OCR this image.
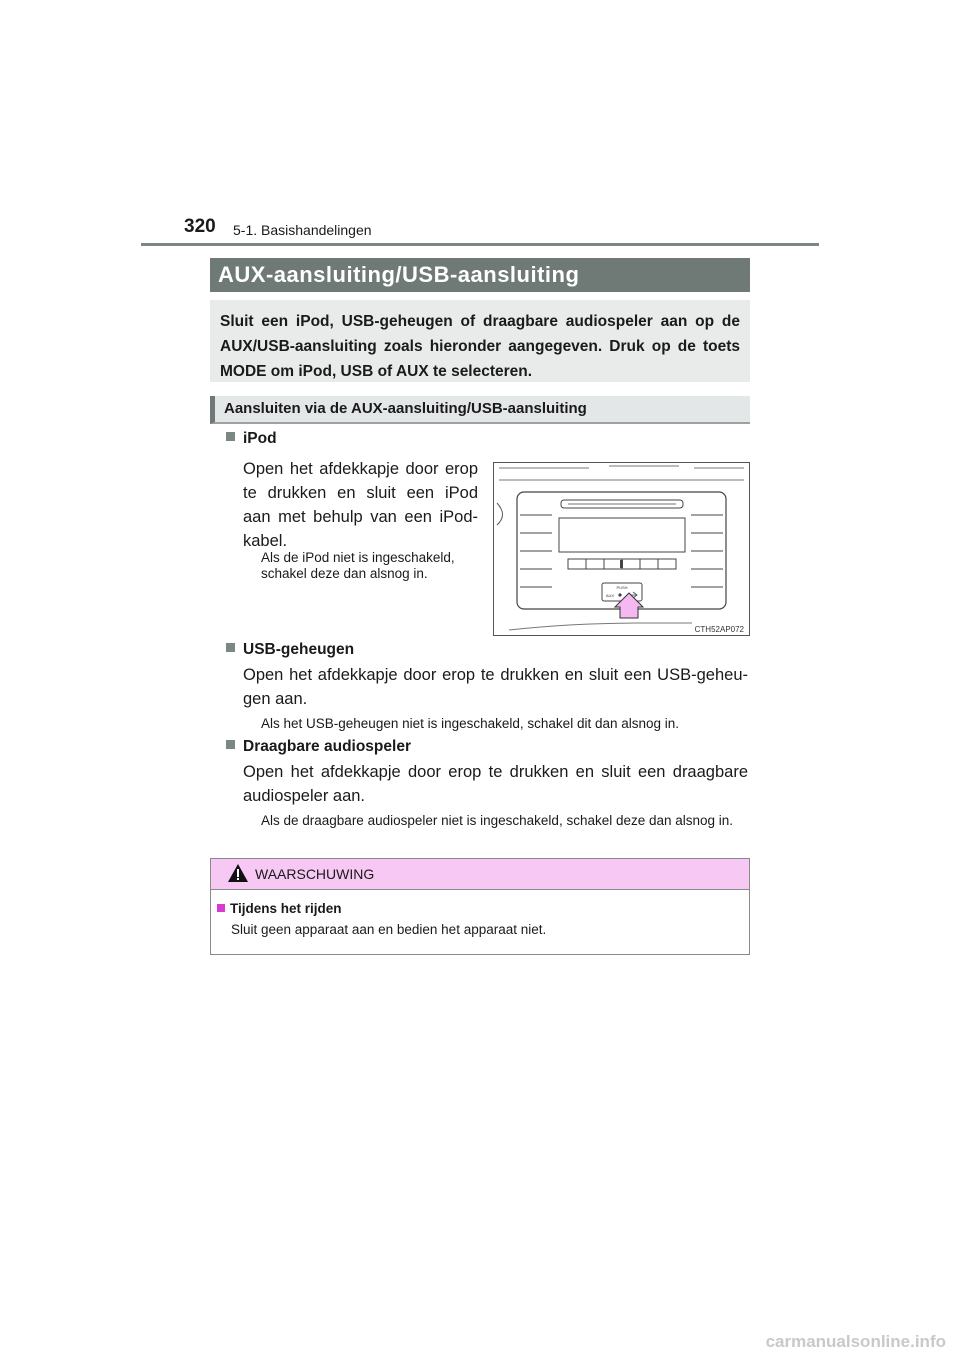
320 5-1. Basishandelingen
AUX-aansluiting/USB-aansluiting
Sluit een iPod, USB-geheugen of draagbare audiospeler aan op de AUX/USB-aansluiting zoals hieronder aangegeven. Druk op de toets MODE om iPod, USB of AUX te selecteren.
Aansluiten via de AUX-aansluiting/USB-aansluiting
iPod
Open het afdekkapje door erop te drukken en sluit een iPod aan met behulp van een iPod-kabel.
Als de iPod niet is ingeschakeld, schakel deze dan alsnog in.
PUSH
AUX
CTH52AP072
USB-geheugen
Open het afdekkapje door erop te drukken en sluit een USB-geheu-gen aan.
Als het USB-geheugen niet is ingeschakeld, schakel dit dan alsnog in.
Draagbare audiospeler
Open het afdekkapje door erop te drukken en sluit een draagbare audiospeler aan.
Als de draagbare audiospeler niet is ingeschakeld, schakel deze dan alsnog in.
WAARSCHUWING
Tijdens het rijden
Sluit geen apparaat aan en bedien het apparaat niet.
carmanualsonline.info
